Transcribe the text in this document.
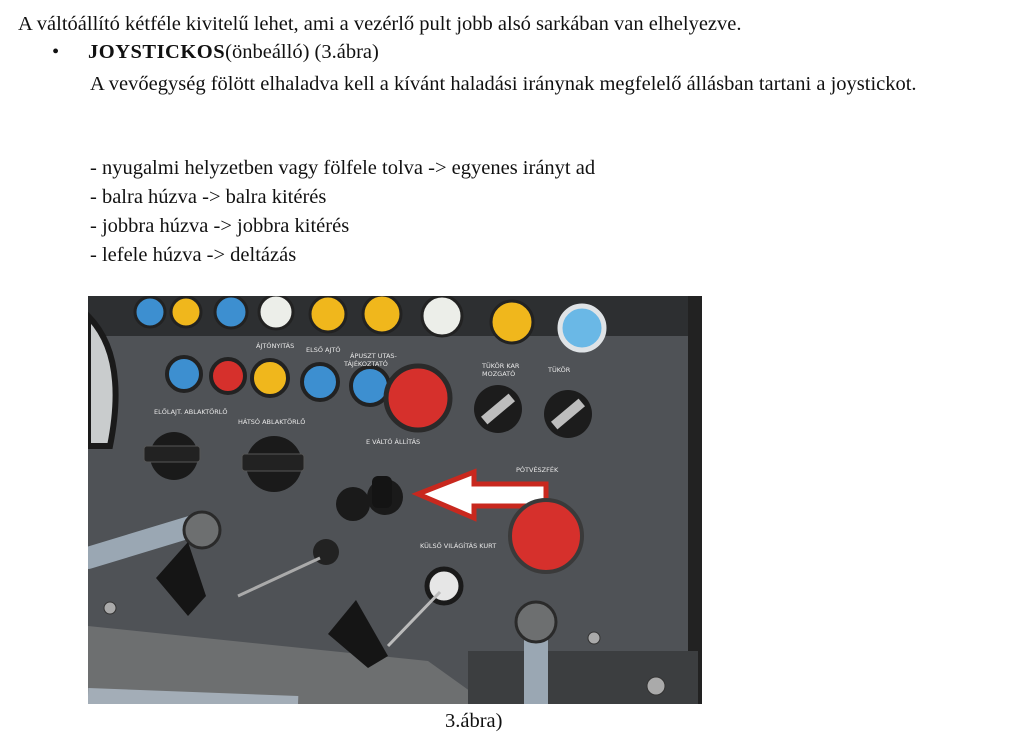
A váltóállító kétféle kivitelű lehet, ami a vezérlő pult jobb alsó sarkában van elhelyezve.
•	JOYSTICKOS (önbeálló) (3.ábra)
A vevőegység fölött elhaladva kell a kívánt haladási iránynak megfelelő állásban tartani a joystickot.
- nyugalmi helyzetben vagy fölfele tolva -> egyenes irányt ad
- balra húzva -> balra kitérés
- jobbra húzva -> jobbra kitérés
- lefele húzva -> deltázás
ÁJTÓNYITÁS ELSŐ AJTÓ
ÁPUSZT UTAS-
TÁJÉKOZTATÓ	TÜKÖR KAR
MOZGATÓ	TÜKÖR
E VÁLTÓ ÁLLÍTÁS
PÓTVÉSZFÉK
KÜLSŐ VILÁGÍTÁS KURT
ELŐLAJT. ABLAKTÖRLŐ
HÁTSÓ ABLAKTÖRLŐ
3.ábra)
